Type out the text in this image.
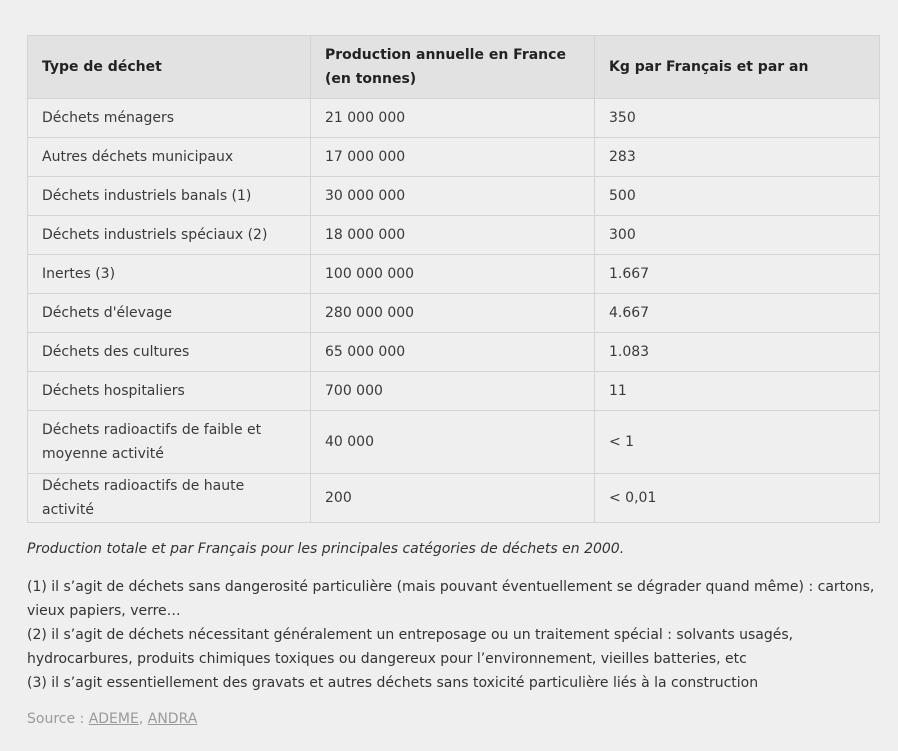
Type de déchet	Production annuelle en France (en tonnes)	Kg par Français et par an
Déchets ménagers	21 000 000	350
Autres déchets municipaux	17 000 000	283
Déchets industriels banals (1)	30 000 000	500
Déchets industriels spéciaux (2)	18 000 000	300
Inertes (3)	100 000 000	1.667
Déchets d'élevage	280 000 000	4.667
Déchets des cultures	65 000 000	1.083
Déchets hospitaliers	700 000	11
Déchets radioactifs de faible et moyenne activité	40 000	< 1
Déchets radioactifs de haute activité	200	< 0,01
Production totale et par Français pour les principales catégories de déchets en 2000.

(1) il s’agit de déchets sans dangerosité particulière (mais pouvant éventuellement se dégrader quand même) : cartons, vieux papiers, verre…

(2) il s’agit de déchets nécessitant généralement un entreposage ou un traitement spécial : solvants usagés, hydrocarbures, produits chimiques toxiques ou dangereux pour l’environnement, vieilles batteries, etc

(3) il s’agit essentiellement des gravats et autres déchets sans toxicité particulière liés à la construction

Source : ADEME, ANDRA
